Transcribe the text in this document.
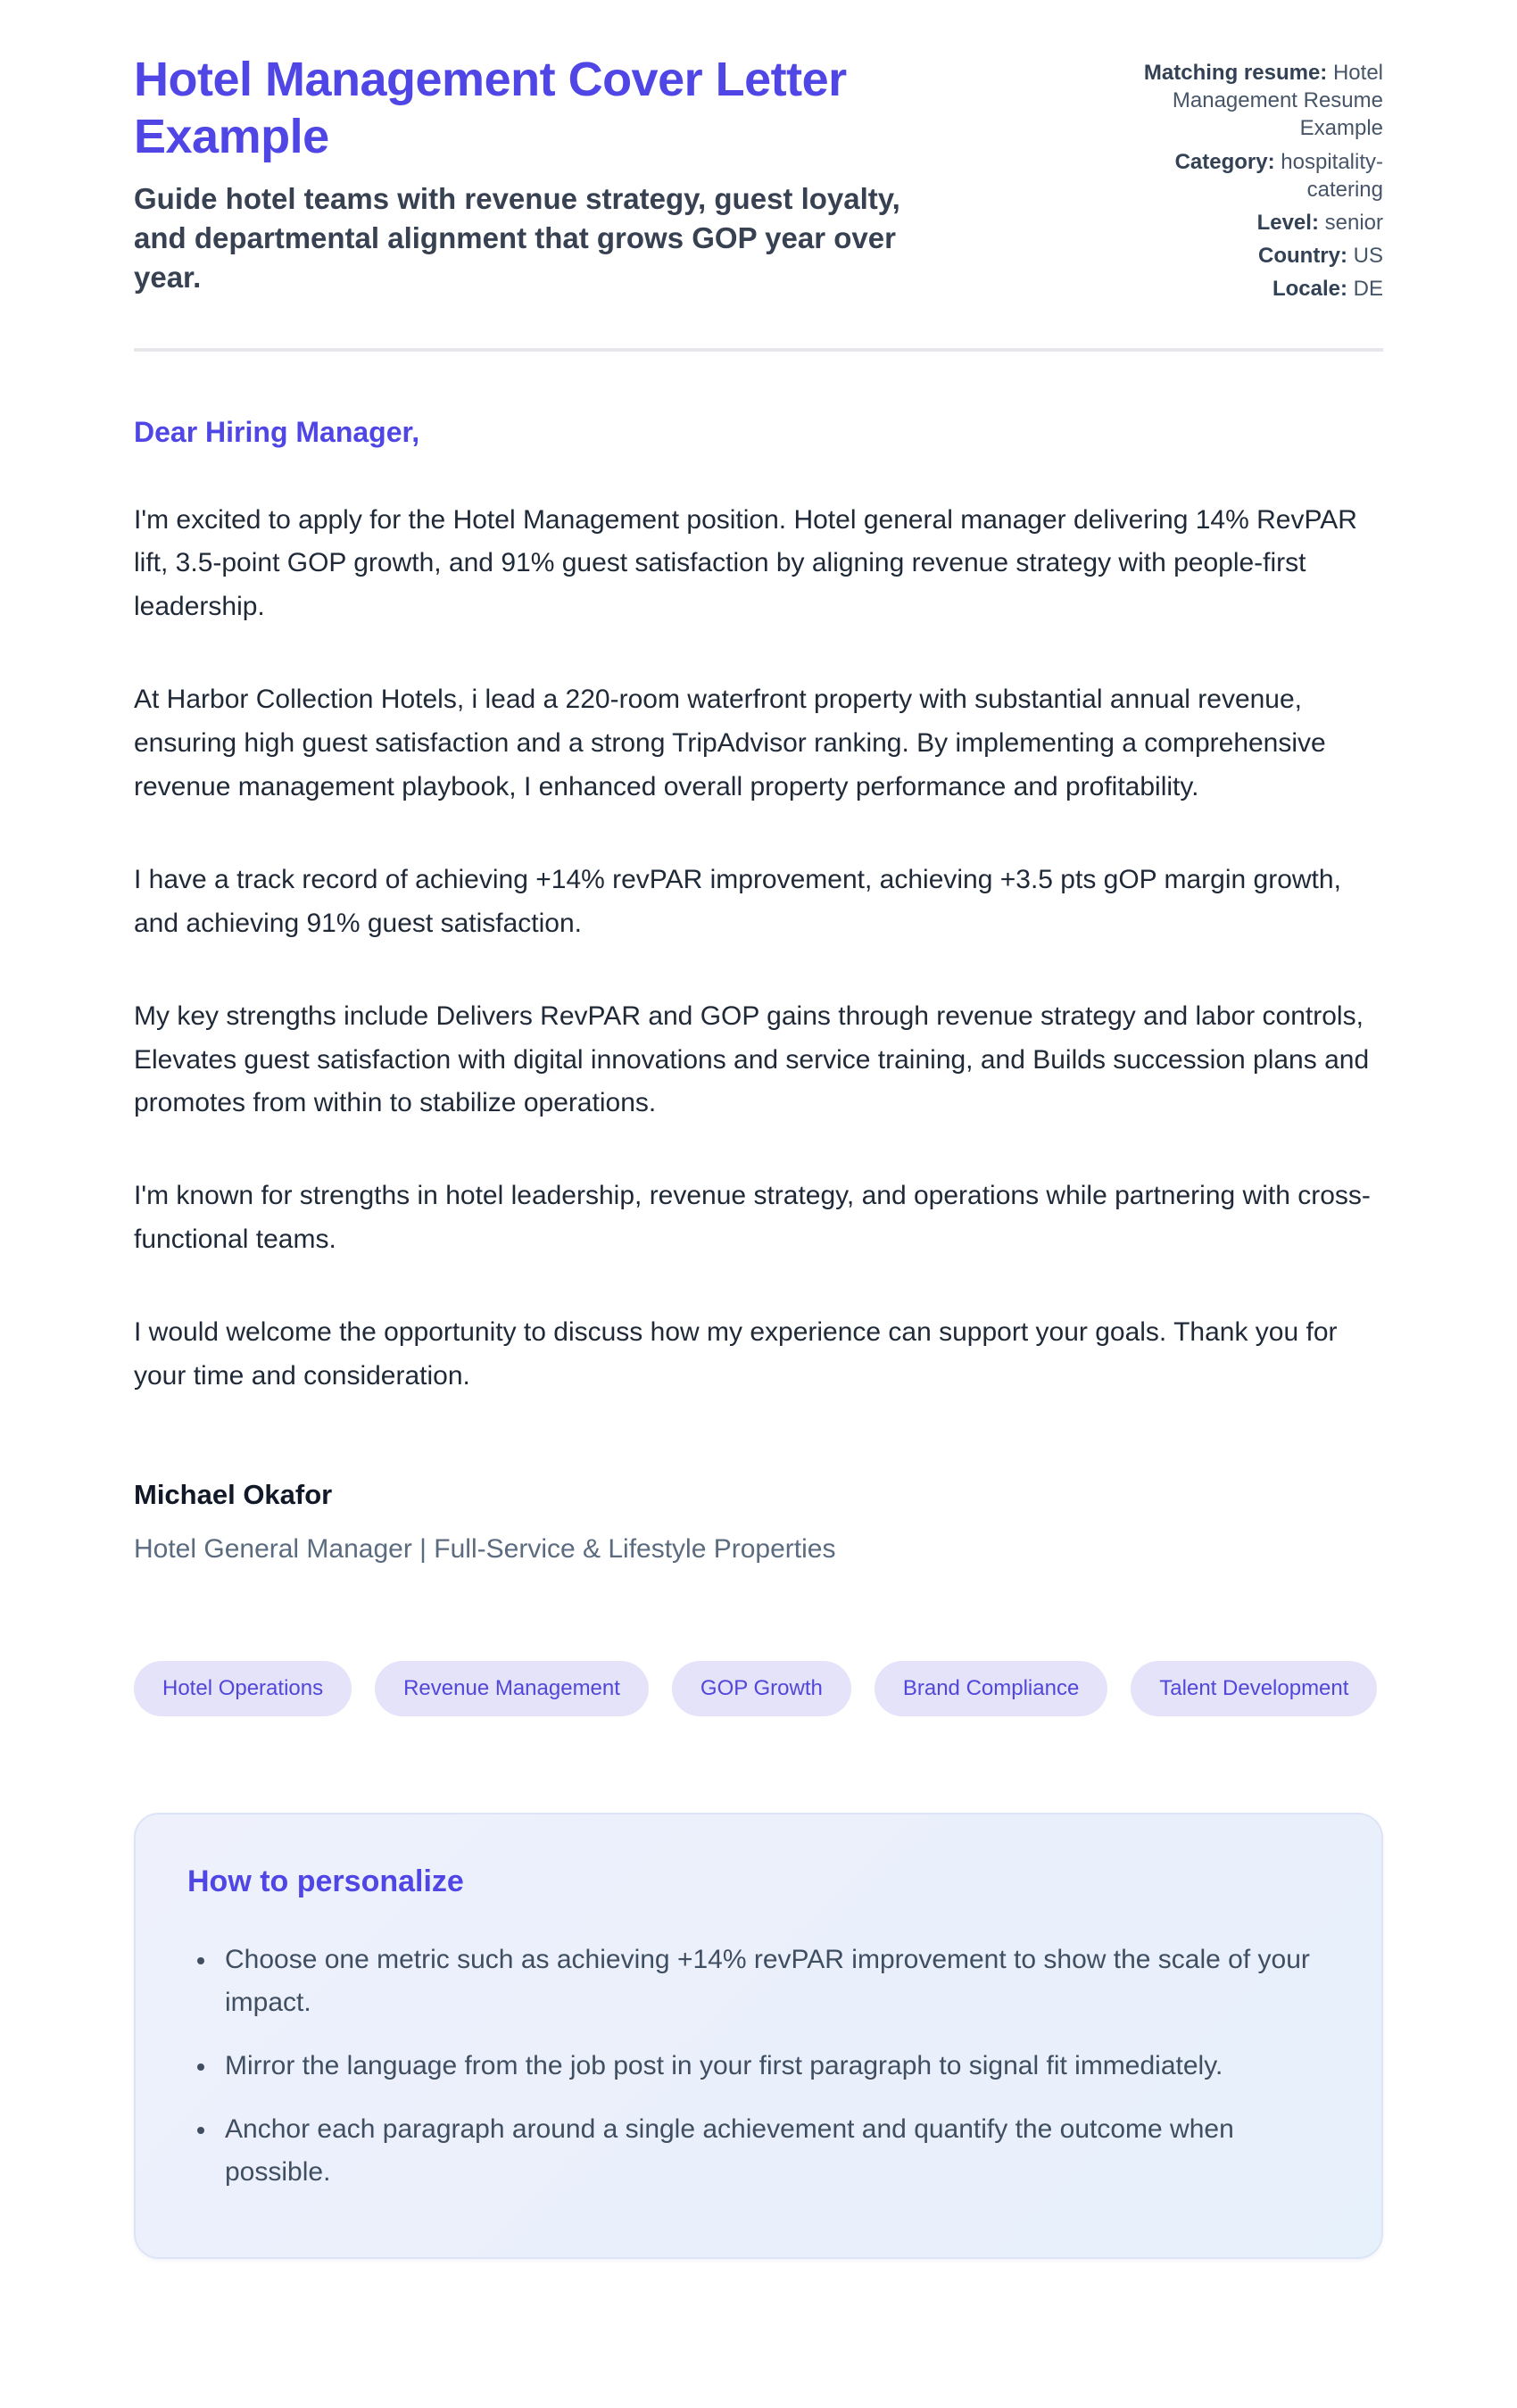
Hotel Management Cover Letter Example
Guide hotel teams with revenue strategy, guest loyalty, and departmental alignment that grows GOP year over year.
Matching resume: Hotel Management Resume Example
Category: hospitality-catering
Level: senior
Country: US
Locale: DE
Dear Hiring Manager,

I'm excited to apply for the Hotel Management position. Hotel general manager delivering 14% RevPAR lift, 3.5-point GOP growth, and 91% guest satisfaction by aligning revenue strategy with people-first leadership.

At Harbor Collection Hotels, i lead a 220-room waterfront property with substantial annual revenue, ensuring high guest satisfaction and a strong TripAdvisor ranking. By implementing a comprehensive revenue management playbook, I enhanced overall property performance and profitability.

I have a track record of achieving +14% revPAR improvement, achieving +3.5 pts gOP margin growth, and achieving 91% guest satisfaction.

My key strengths include Delivers RevPAR and GOP gains through revenue strategy and labor controls, Elevates guest satisfaction with digital innovations and service training, and Builds succession plans and promotes from within to stabilize operations.

I'm known for strengths in hotel leadership, revenue strategy, and operations while partnering with cross-functional teams.

I would welcome the opportunity to discuss how my experience can support your goals. Thank you for your time and consideration.

Michael Okafor
Hotel General Manager | Full-Service & Lifestyle Properties
Hotel Operations	Revenue Management	GOP Growth	Brand Compliance	Talent Development
How to personalize
• Choose one metric such as achieving +14% revPAR improvement to show the scale of your impact.
• Mirror the language from the job post in your first paragraph to signal fit immediately.
• Anchor each paragraph around a single achievement and quantify the outcome when possible.
